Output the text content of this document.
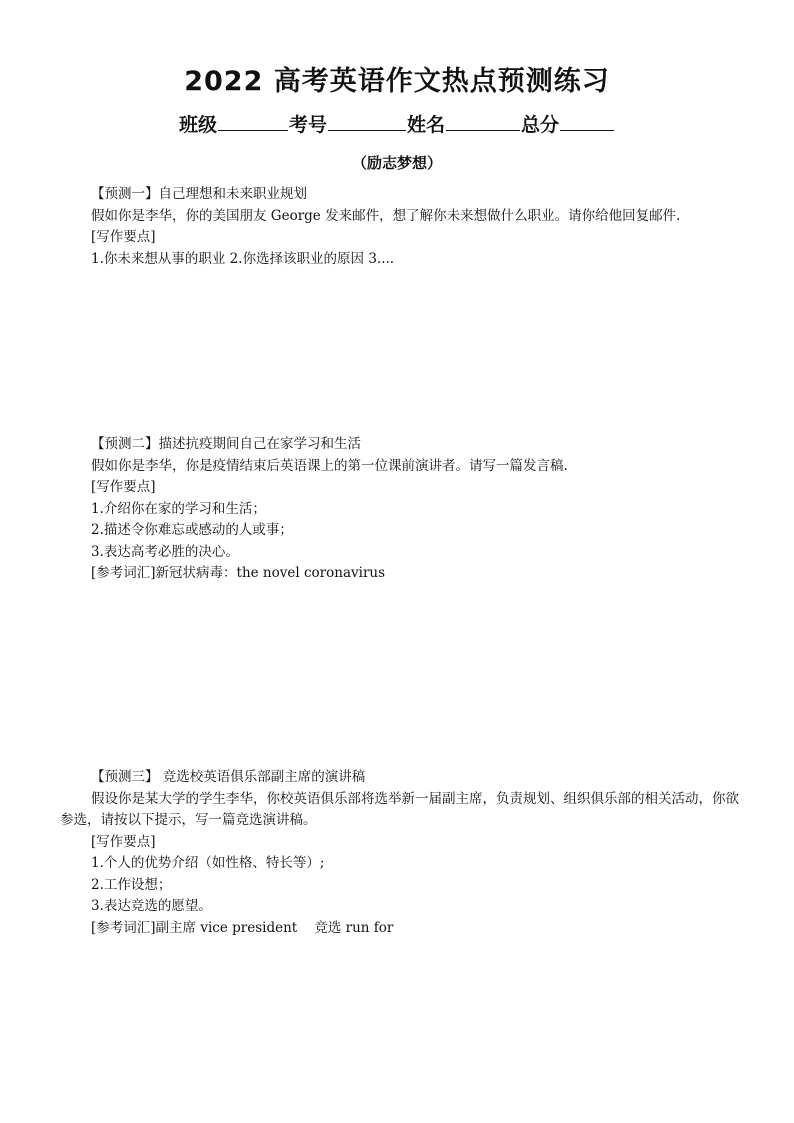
2022 高考英语作文热点预测练习
班级	考号	姓名	总分
（励志梦想）

【预测一】自己理想和未来职业规划

假如你是李华，你的美国朋友 George 发来邮件，想了解你未来想做什么职业。请你给他回复邮件.

[写作要点]

1.你未来想从事的职业 2.你选择该职业的原因 3....

【预测二】描述抗疫期间自己在家学习和生活

假如你是李华，你是疫情结束后英语课上的第一位课前演讲者。请写一篇发言稿.

[写作要点]

1.介绍你在家的学习和生活；

2.描述令你难忘或感动的人或事；

3.表达高考必胜的决心。

[参考词汇]新冠状病毒：the novel coronavirus

【预测三】 竞选校英语俱乐部副主席的演讲稿

假设你是某大学的学生李华，你校英语俱乐部将选举新一届副主席，负责规划、组织俱乐部的相关活动，你欲参选，请按以下提示，写一篇竞选演讲稿。

[写作要点]

1.个人的优势介绍（如性格、特长等）;

2.工作设想；

3.表达竞选的愿望。

[参考词汇]副主席 vice president    竞选 run for
